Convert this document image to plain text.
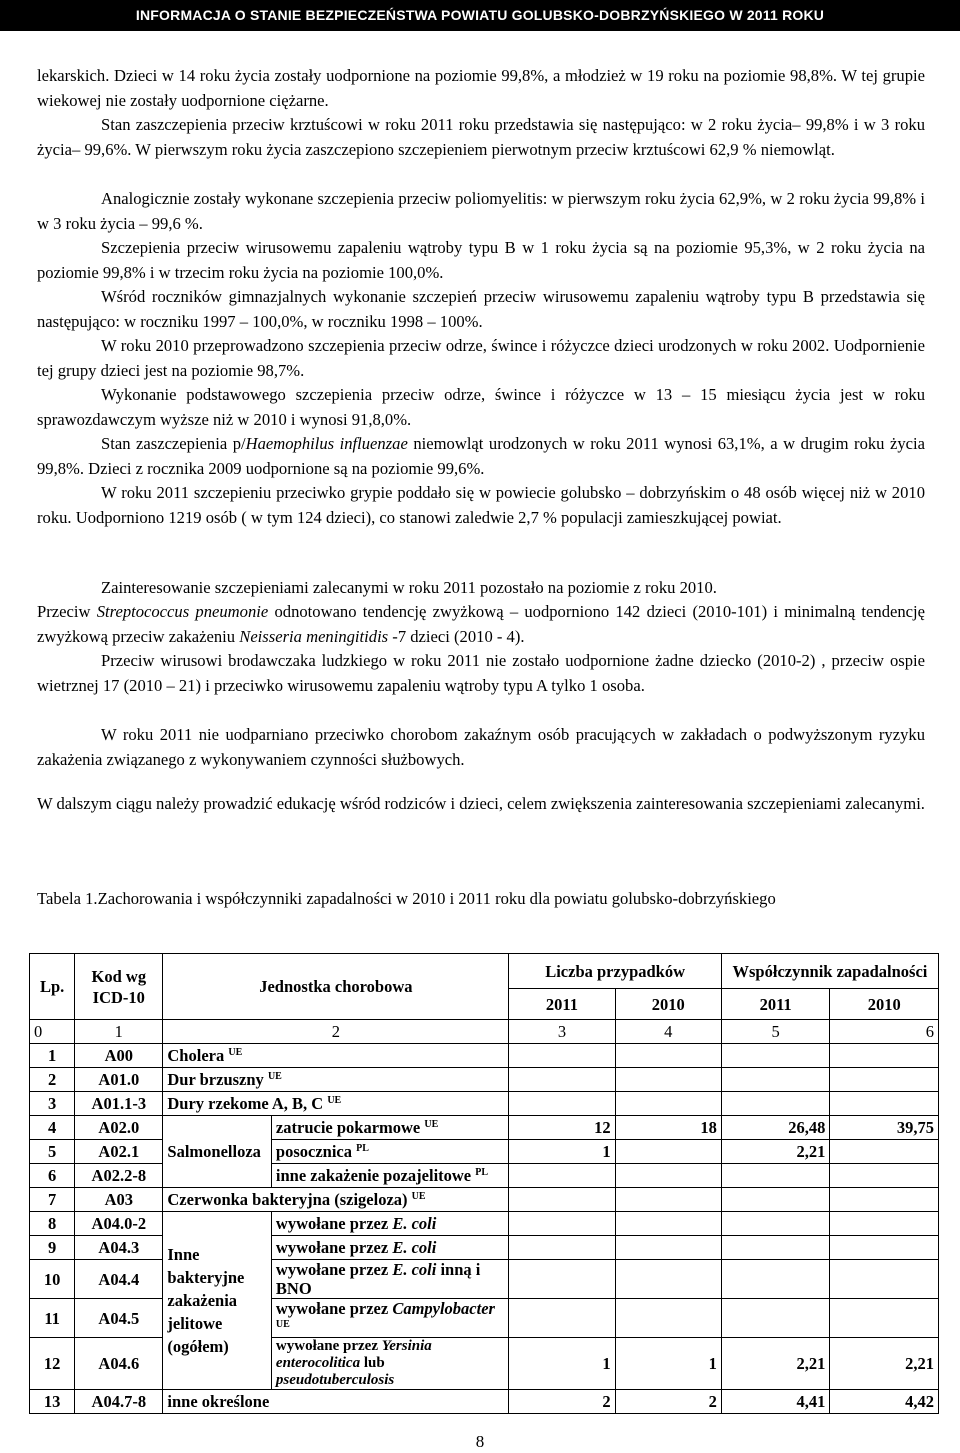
INFORMACJA O STANIE BEZPIECZEŃSTWA POWIATU GOLUBSKO-DOBRZYŃSKIEGO W 2011 ROKU

lekarskich. Dzieci w 14 roku życia zostały uodpornione na poziomie 99,8%, a młodzież w 19 roku na poziomie 98,8%. W tej grupie wiekowej nie zostały uodpornione ciężarne.

Stan zaszczepienia przeciw krztuścowi w roku 2011 roku przedstawia się następująco: w 2 roku życia– 99,8% i w 3 roku życia– 99,6%. W pierwszym roku życia zaszczepiono szczepieniem pierwotnym przeciw krztuścowi 62,9 % niemowląt.

Analogicznie zostały wykonane szczepienia przeciw poliomyelitis: w pierwszym roku życia 62,9%, w 2 roku życia 99,8% i w 3 roku życia – 99,6 %.

Szczepienia przeciw wirusowemu zapaleniu wątroby typu B w 1 roku życia są na poziomie 95,3%, w 2 roku życia na poziomie 99,8% i w trzecim roku życia na poziomie 100,0%.

Wśród roczników gimnazjalnych wykonanie szczepień przeciw wirusowemu zapaleniu wątroby typu B przedstawia się następująco: w roczniku 1997 – 100,0%, w roczniku 1998 – 100%.

W roku 2010 przeprowadzono szczepienia przeciw odrze, śwince i różyczce dzieci urodzonych w roku 2002. Uodpornienie tej grupy dzieci jest na poziomie 98,7%.

Wykonanie podstawowego szczepienia przeciw odrze, śwince i różyczce w 13 – 15 miesiącu życia jest w roku sprawozdawczym wyższe niż w 2010 i wynosi 91,8,0%.

Stan zaszczepienia p/Haemophilus influenzae niemowląt urodzonych w roku 2011 wynosi 63,1%, a w drugim roku życia 99,8%. Dzieci z rocznika 2009 uodpornione są na poziomie 99,6%.

W roku 2011 szczepieniu przeciwko grypie poddało się w powiecie golubsko – dobrzyńskim o 48 osób więcej niż w 2010 roku. Uodporniono 1219 osób ( w tym 124 dzieci), co stanowi zaledwie 2,7 % populacji zamieszkującej powiat.

Zainteresowanie szczepieniami zalecanymi w roku 2011 pozostało na poziomie z roku 2010.

Przeciw Streptococcus pneumonie odnotowano tendencję zwyżkową – uodporniono 142 dzieci (2010-101) i minimalną tendencję zwyżkową przeciw zakażeniu Neisseria meningitidis -7 dzieci (2010 - 4).

Przeciw wirusowi brodawczaka ludzkiego w roku 2011 nie zostało uodpornione żadne dziecko (2010-2) , przeciw ospie wietrznej 17 (2010 – 21) i przeciwko wirusowemu zapaleniu wątroby typu A tylko 1 osoba.

W roku 2011 nie uodparniano przeciwko chorobom zakaźnym osób pracujących w zakładach o podwyższonym ryzyku zakażenia związanego z wykonywaniem czynności służbowych.

W dalszym ciągu należy prowadzić edukację wśród rodziców i dzieci, celem zwiększenia zainteresowania szczepieniami zalecanymi.

Tabela 1.Zachorowania i współczynniki zapadalności w 2010 i 2011 roku dla powiatu golubsko-dobrzyńskiego
Lp.	Kod wg ICD-10	Jednostka chorobowa		Liczba przypadków		Współczynnik zapadalności	
				2011	2010	2011	2010
0	1	2		3	4	5	6
1	A00	Cholera $^{UE}$				
2	A01.0	Dur brzuszny $^{UE}$				
3	A01.1-3	Dury rzekome A, B, C $^{UE}$				
4	A02.0	Salmonelloza	zatrucie pokarmowe $^{UE}$	12	18	26,48	39,75
5	A02.1		posocznica $^{PL}$	1		2,21	
6	A02.2-8		inne zakażenie pozajelitowe $^{PL}$				
7	A03	Czerwonka bakteryjna (szigeloza) $^{UE}$				
8	A04.0-2	Inne bakteryjne zakażenia jelitowe (ogółem)	wywołane przez E. coli				
9	A04.3		wywołane przez E. coli				
10	A04.4		wywołane przez E. coli inną i BNO				
11	A04.5		wywołane przez Campylobacter $^{UE}$				
12	A04.6		wywołane przez Yersinia enterocolitica lub pseudotuberculosis	1	1	2,21	2,21
13	A04.7-8	inne określone		2	2	4,41	4,42
8
